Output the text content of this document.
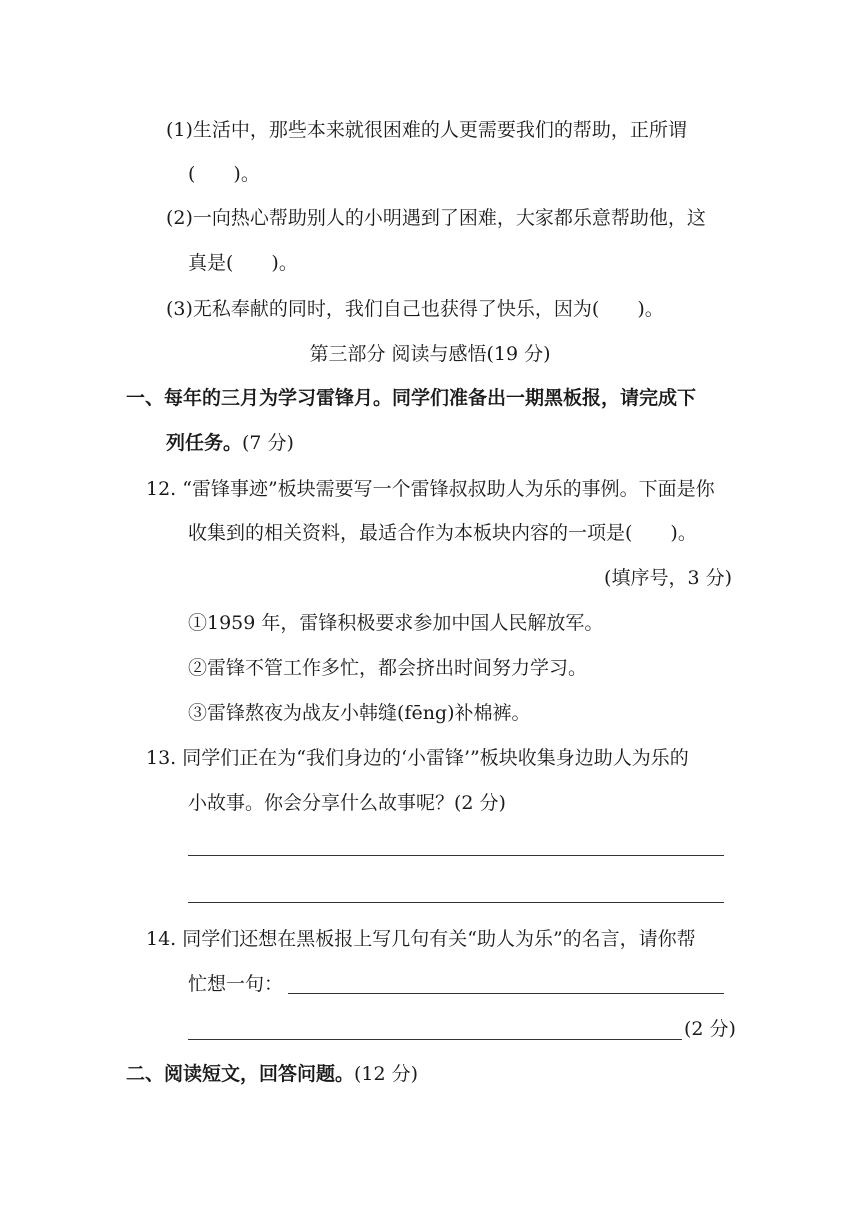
(1)生活中，那些本来就很困难的人更需要我们的帮助，正所谓
(　　)。
(2)一向热心帮助别人的小明遇到了困难，大家都乐意帮助他，这
真是(　　)。
(3)无私奉献的同时，我们自己也获得了快乐，因为(　　)。
第三部分 阅读与感悟(19 分)
一、每年的三月为学习雷锋月。同学们准备出一期黑板报，请完成下
列任务。(7 分)
12. “雷锋事迹”板块需要写一个雷锋叔叔助人为乐的事例。下面是你
收集到的相关资料，最适合作为本板块内容的一项是(　　)。
(填序号，3 分)
①1959 年，雷锋积极要求参加中国人民解放军。
②雷锋不管工作多忙，都会挤出时间努力学习。
③雷锋熬夜为战友小韩缝(fēng)补棉裤。
13. 同学们正在为“我们身边的‘小雷锋’”板块收集身边助人为乐的
小故事。你会分享什么故事呢？(2 分)
14. 同学们还想在黑板报上写几句有关“助人为乐”的名言，请你帮
忙想一句：
(2 分)
二、阅读短文，回答问题。(12 分)
